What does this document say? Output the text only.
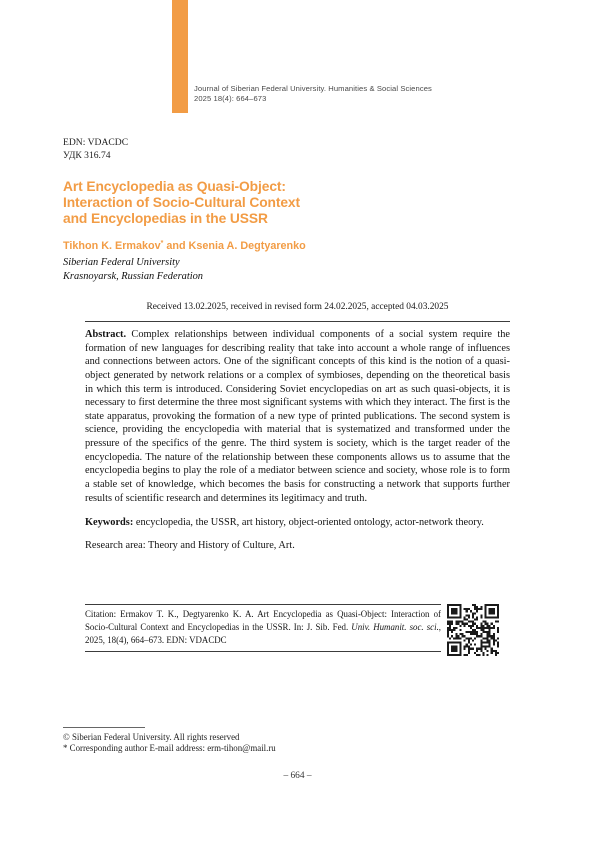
Journal of Siberian Federal University. Humanities & Social Sciences
2025 18(4): 664–673
EDN: VDACDC
УДК 316.74
Art Encyclopedia as Quasi-Object:
Interaction of Socio-Cultural Context
and Encyclopedias in the USSR
Tikhon K. Ermakov* and Ksenia A. Degtyarenko
Siberian Federal University
Krasnoyarsk, Russian Federation
Received 13.02.2025, received in revised form 24.02.2025, accepted 04.03.2025

Abstract. Complex relationships between individual components of a social system require the formation of new languages for describing reality that take into account a whole range of influences and connections between actors. One of the significant concepts of this kind is the notion of a quasi-object generated by network relations or a complex of symbioses, depending on the theoretical basis in which this term is introduced. Considering Soviet encyclopedias on art as such quasi-objects, it is necessary to first determine the three most significant systems with which they interact. The first is the state apparatus, provoking the formation of a new type of printed publications. The second system is science, providing the encyclopedia with material that is systematized and transformed under the pressure of the specifics of the genre. The third system is society, which is the target reader of the encyclopedia. The nature of the relationship between these components allows us to assume that the encyclopedia begins to play the role of a mediator between science and society, whose role is to form a stable set of knowledge, which becomes the basis for constructing a network that supports further results of scientific research and determines its legitimacy and truth.

Keywords: encyclopedia, the USSR, art history, object-oriented ontology, actor-network theory.

Research area: Theory and History of Culture, Art.

Citation: Ermakov T. K., Degtyarenko K. A. Art Encyclopedia as Quasi-Object: Interaction of Socio-Cultural Context and Encyclopedias in the USSR. In: J. Sib. Fed. Univ. Humanit. soc. sci., 2025, 18(4), 664–673. EDN: VDACDC
© Siberian Federal University. All rights reserved
* Corresponding author E-mail address: erm-tihon@mail.ru
– 664 –
